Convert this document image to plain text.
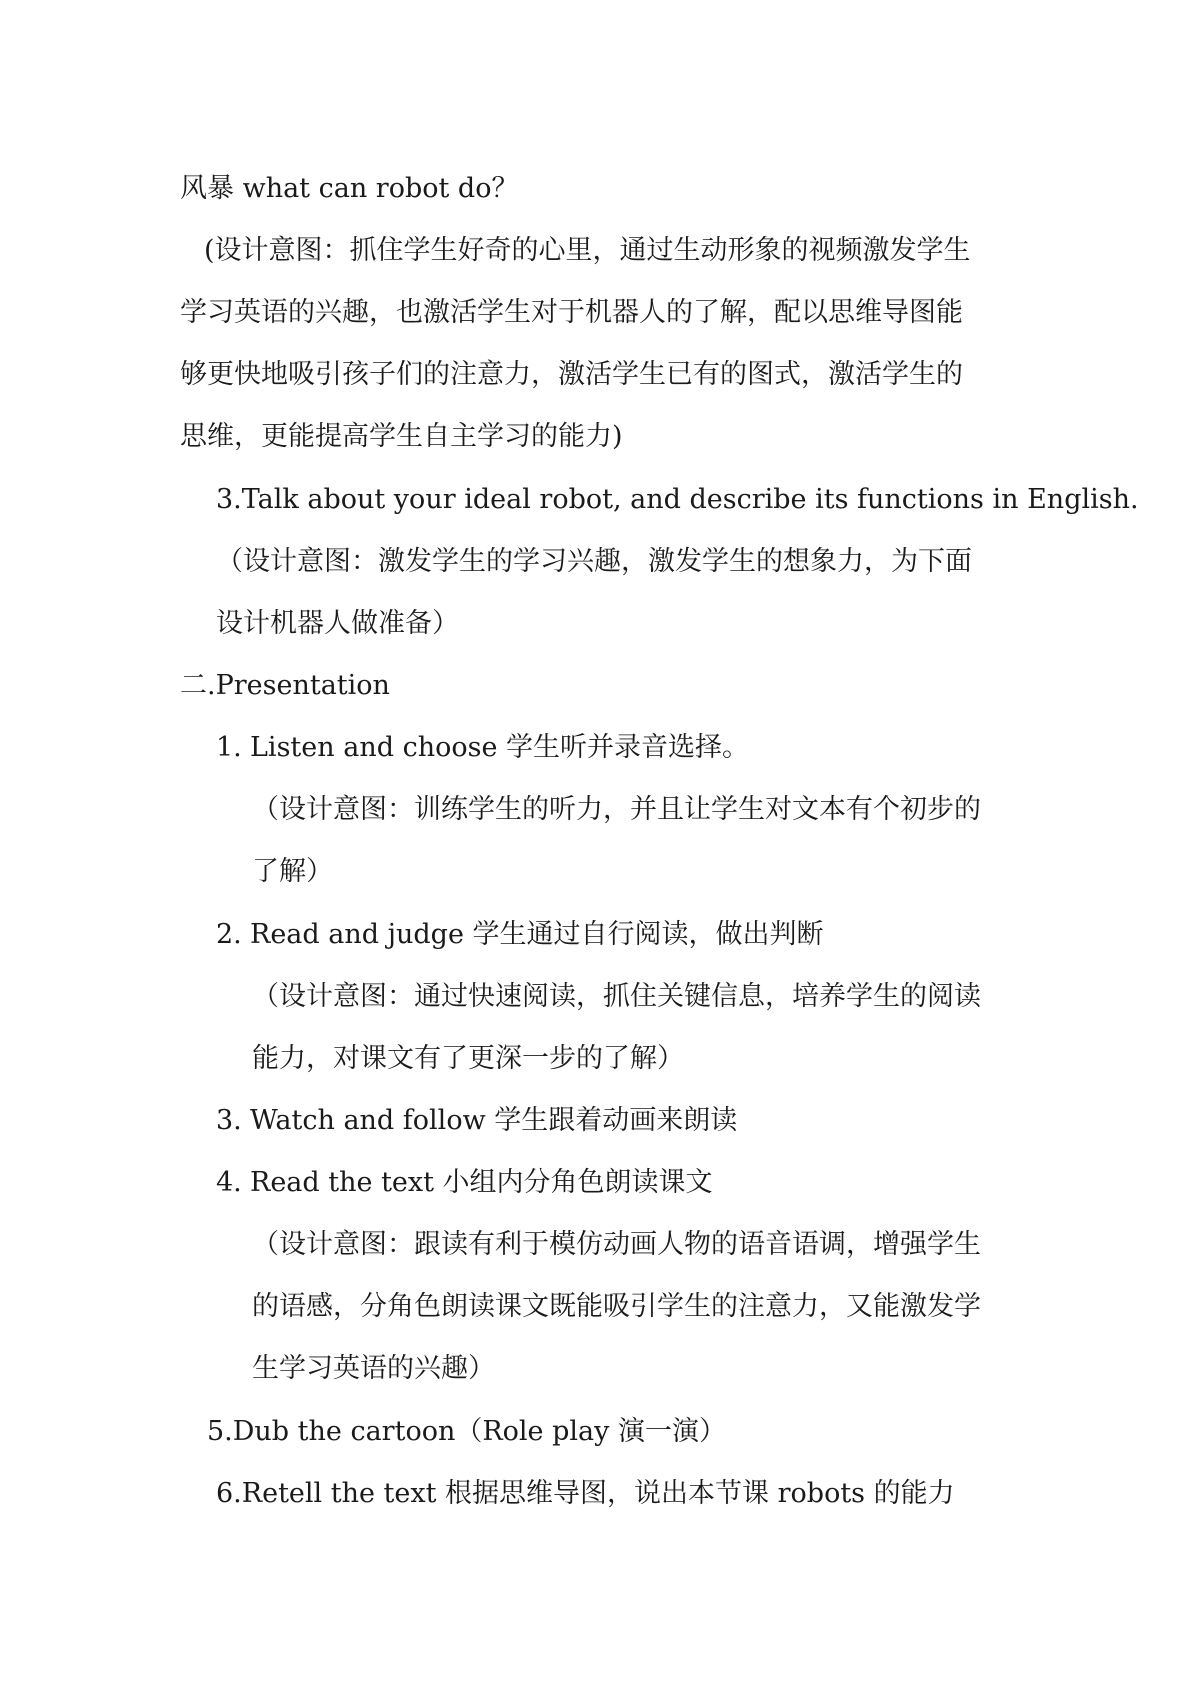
风暴 what can robot do？
(设计意图：抓住学生好奇的心里，通过生动形象的视频激发学生
学习英语的兴趣，也激活学生对于机器人的了解，配以思维导图能
够更快地吸引孩子们的注意力，激活学生已有的图式，激活学生的
思维，更能提高学生自主学习的能力)
3.Talk about your ideal robot, and describe its functions in English.
（设计意图：激发学生的学习兴趣，激发学生的想象力，为下面
设计机器人做准备）
二.Presentation
1. Listen and choose 学生听并录音选择。
（设计意图：训练学生的听力，并且让学生对文本有个初步的
了解）
2. Read and judge 学生通过自行阅读，做出判断
（设计意图：通过快速阅读，抓住关键信息，培养学生的阅读
能力，对课文有了更深一步的了解）
3. Watch and follow 学生跟着动画来朗读
4. Read the text 小组内分角色朗读课文
（设计意图：跟读有利于模仿动画人物的语音语调，增强学生
的语感，分角色朗读课文既能吸引学生的注意力，又能激发学
生学习英语的兴趣）
5.Dub the cartoon（Role play 演一演）
6.Retell the text 根据思维导图，说出本节课 robots 的能力
